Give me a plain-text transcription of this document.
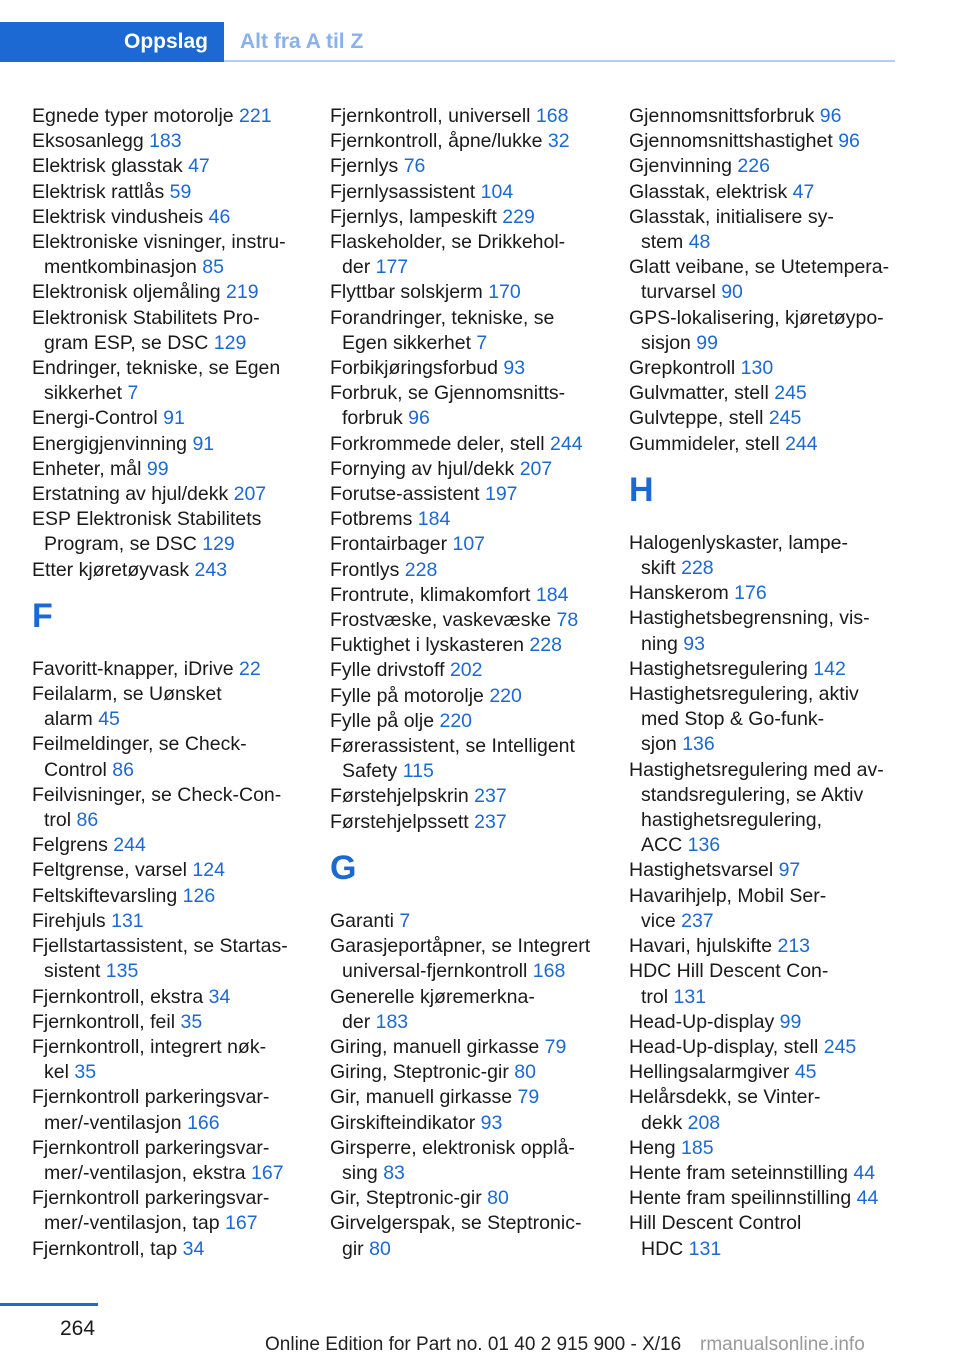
Oppslag	Alt fra A til Z
Egnede typer motorolje 221
Eksosanlegg 183
Elektrisk glasstak 47
Elektrisk rattlås 59
Elektrisk vindusheis 46
Elektroniske visninger, instru-
mentkombinasjon 85
Elektronisk oljemåling 219
Elektronisk Stabilitets Pro-
gram ESP, se DSC 129
Endringer, tekniske, se Egen
sikkerhet 7
Energi-Control 91
Energigjenvinning 91
Enheter, mål 99
Erstatning av hjul/dekk 207
ESP Elektronisk Stabilitets
Program, se DSC 129
Etter kjøretøyvask 243
F
Favoritt-knapper, iDrive 22
Feilalarm, se Uønsket
alarm 45
Feilmeldinger, se Check-
Control 86
Feilvisninger, se Check-Con-
trol 86
Felgrens 244
Feltgrense, varsel 124
Feltskiftevarsling 126
Firehjuls 131
Fjellstartassistent, se Startas-
sistent 135
Fjernkontroll, ekstra 34
Fjernkontroll, feil 35
Fjernkontroll, integrert nøk-
kel 35
Fjernkontroll parkeringsvar-
mer/-ventilasjon 166
Fjernkontroll parkeringsvar-
mer/-ventilasjon, ekstra 167
Fjernkontroll parkeringsvar-
mer/-ventilasjon, tap 167
Fjernkontroll, tap 34
Fjernkontroll, universell 168
Fjernkontroll, åpne/lukke 32
Fjernlys 76
Fjernlysassistent 104
Fjernlys, lampeskift 229
Flaskeholder, se Drikkehol-
der 177
Flyttbar solskjerm 170
Forandringer, tekniske, se
Egen sikkerhet 7
Forbikjøringsforbud 93
Forbruk, se Gjennomsnitts-
forbruk 96
Forkrommede deler, stell 244
Fornying av hjul/dekk 207
Forutse-assistent 197
Fotbrems 184
Frontairbager 107
Frontlys 228
Frontrute, klimakomfort 184
Frostvæske, vaskevæske 78
Fuktighet i lyskasteren 228
Fylle drivstoff 202
Fylle på motorolje 220
Fylle på olje 220
Førerassistent, se Intelligent
Safety 115
Førstehjelpskrin 237
Førstehjelpssett 237
G
Garanti 7
Garasjeportåpner, se Integrert
universal-fjernkontroll 168
Generelle kjøremerkna-
der 183
Giring, manuell girkasse 79
Giring, Steptronic-gir 80
Gir, manuell girkasse 79
Girskifteindikator 93
Girsperre, elektronisk opplå-
sing 83
Gir, Steptronic-gir 80
Girvelgerspak, se Steptronic-
gir 80
Gjennomsnittsforbruk 96
Gjennomsnittshastighet 96
Gjenvinning 226
Glasstak, elektrisk 47
Glasstak, initialisere sy-
stem 48
Glatt veibane, se Utetempera-
turvarsel 90
GPS-lokalisering, kjøretøypo-
sisjon 99
Grepkontroll 130
Gulvmatter, stell 245
Gulvteppe, stell 245
Gummideler, stell 244
H
Halogenlyskaster, lampe-
skift 228
Hanskerom 176
Hastighetsbegrensning, vis-
ning 93
Hastighetsregulering 142
Hastighetsregulering, aktiv
med Stop & Go-funk-
sjon 136
Hastighetsregulering med av-
standsregulering, se Aktiv
hastighetsregulering,
ACC 136
Hastighetsvarsel 97
Havarihjelp, Mobil Ser-
vice 237
Havari, hjulskifte 213
HDC Hill Descent Con-
trol 131
Head-Up-display 99
Head-Up-display, stell 245
Hellingsalarmgiver 45
Helårsdekk, se Vinter-
dekk 208
Heng 185
Hente fram seteinnstilling 44
Hente fram speilinnstilling 44
Hill Descent Control
HDC 131
264
Online Edition for Part no. 01 40 2 915 900 - X/16 rmanualsonline.info
